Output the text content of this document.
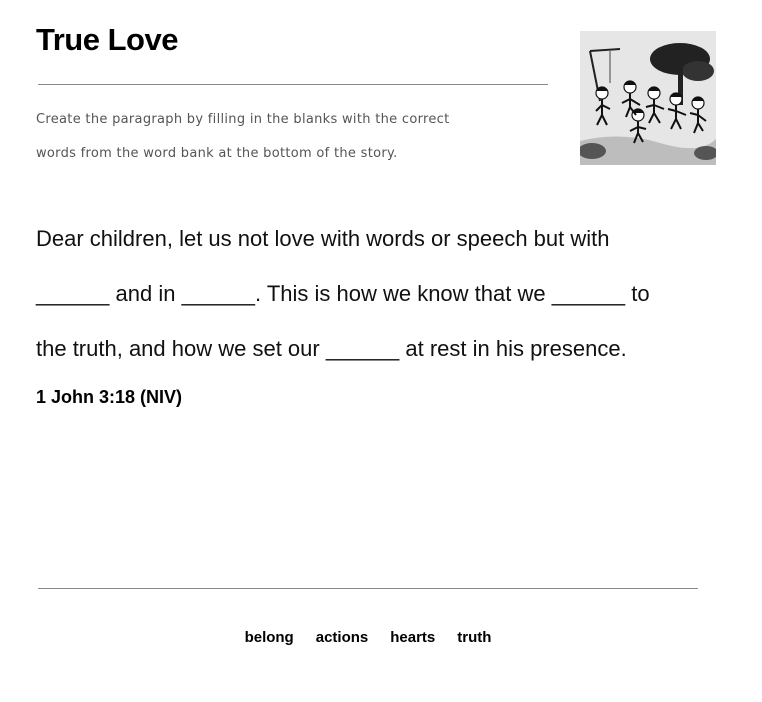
True Love
Create the paragraph by filling in the blanks with the correct
words from the word bank at the bottom of the story.
Dear children, let us not love with words or speech but with
______ and in ______. This is how we know that we ______ to
the truth, and how we set our ______ at rest in his presence.
1 John 3:18 (NIV)
belong actions hearts truth
